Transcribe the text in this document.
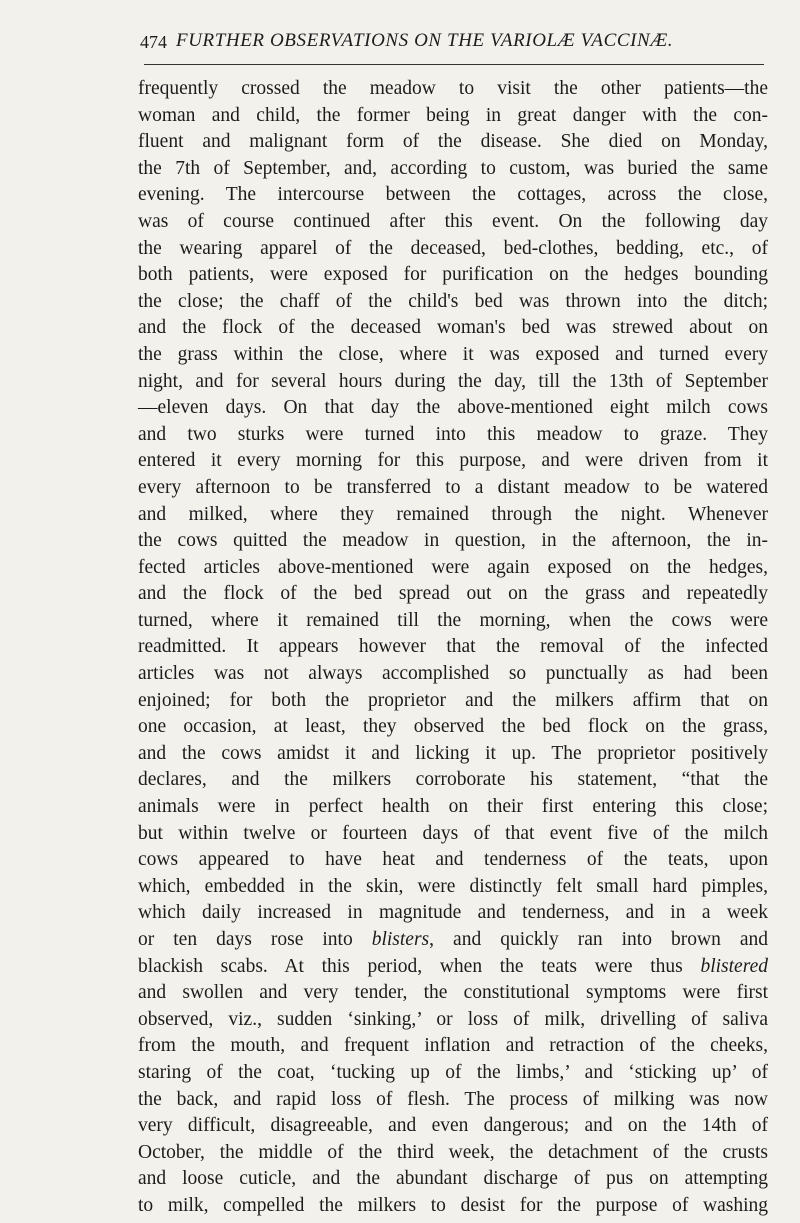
474 FURTHER OBSERVATIONS ON THE VARIOLÆ VACCINÆ.
frequently crossed the meadow to visit the other patients—the
woman and child, the former being in great danger with the con-
fluent and malignant form of the disease. She died on Monday,
the 7th of September, and, according to custom, was buried the same
evening. The intercourse between the cottages, across the close,
was of course continued after this event. On the following day
the wearing apparel of the deceased, bed-clothes, bedding, etc., of
both patients, were exposed for purification on the hedges bounding
the close; the chaff of the child's bed was thrown into the ditch;
and the flock of the deceased woman's bed was strewed about on
the grass within the close, where it was exposed and turned every
night, and for several hours during the day, till the 13th of September
—eleven days. On that day the above-mentioned eight milch cows
and two sturks were turned into this meadow to graze. They
entered it every morning for this purpose, and were driven from it
every afternoon to be transferred to a distant meadow to be watered
and milked, where they remained through the night. Whenever
the cows quitted the meadow in question, in the afternoon, the in-
fected articles above-mentioned were again exposed on the hedges,
and the flock of the bed spread out on the grass and repeatedly
turned, where it remained till the morning, when the cows were
readmitted. It appears however that the removal of the infected
articles was not always accomplished so punctually as had been
enjoined; for both the proprietor and the milkers affirm that on
one occasion, at least, they observed the bed flock on the grass,
and the cows amidst it and licking it up. The proprietor positively
declares, and the milkers corroborate his statement, “that the
animals were in perfect health on their first entering this close;
but within twelve or fourteen days of that event five of the milch
cows appeared to have heat and tenderness of the teats, upon
which, embedded in the skin, were distinctly felt small hard pimples,
which daily increased in magnitude and tenderness, and in a week
or ten days rose into blisters, and quickly ran into brown and
blackish scabs. At this period, when the teats were thus blistered
and swollen and very tender, the constitutional symptoms were first
observed, viz., sudden ‘sinking,’ or loss of milk, drivelling of saliva
from the mouth, and frequent inflation and retraction of the cheeks,
staring of the coat, ‘tucking up of the limbs,’ and ‘sticking up’ of
the back, and rapid loss of flesh. The process of milking was now
very difficult, disagreeable, and even dangerous; and on the 14th of
October, the middle of the third week, the detachment of the crusts
and loose cuticle, and the abundant discharge of pus on attempting
to milk, compelled the milkers to desist for the purpose of washing
